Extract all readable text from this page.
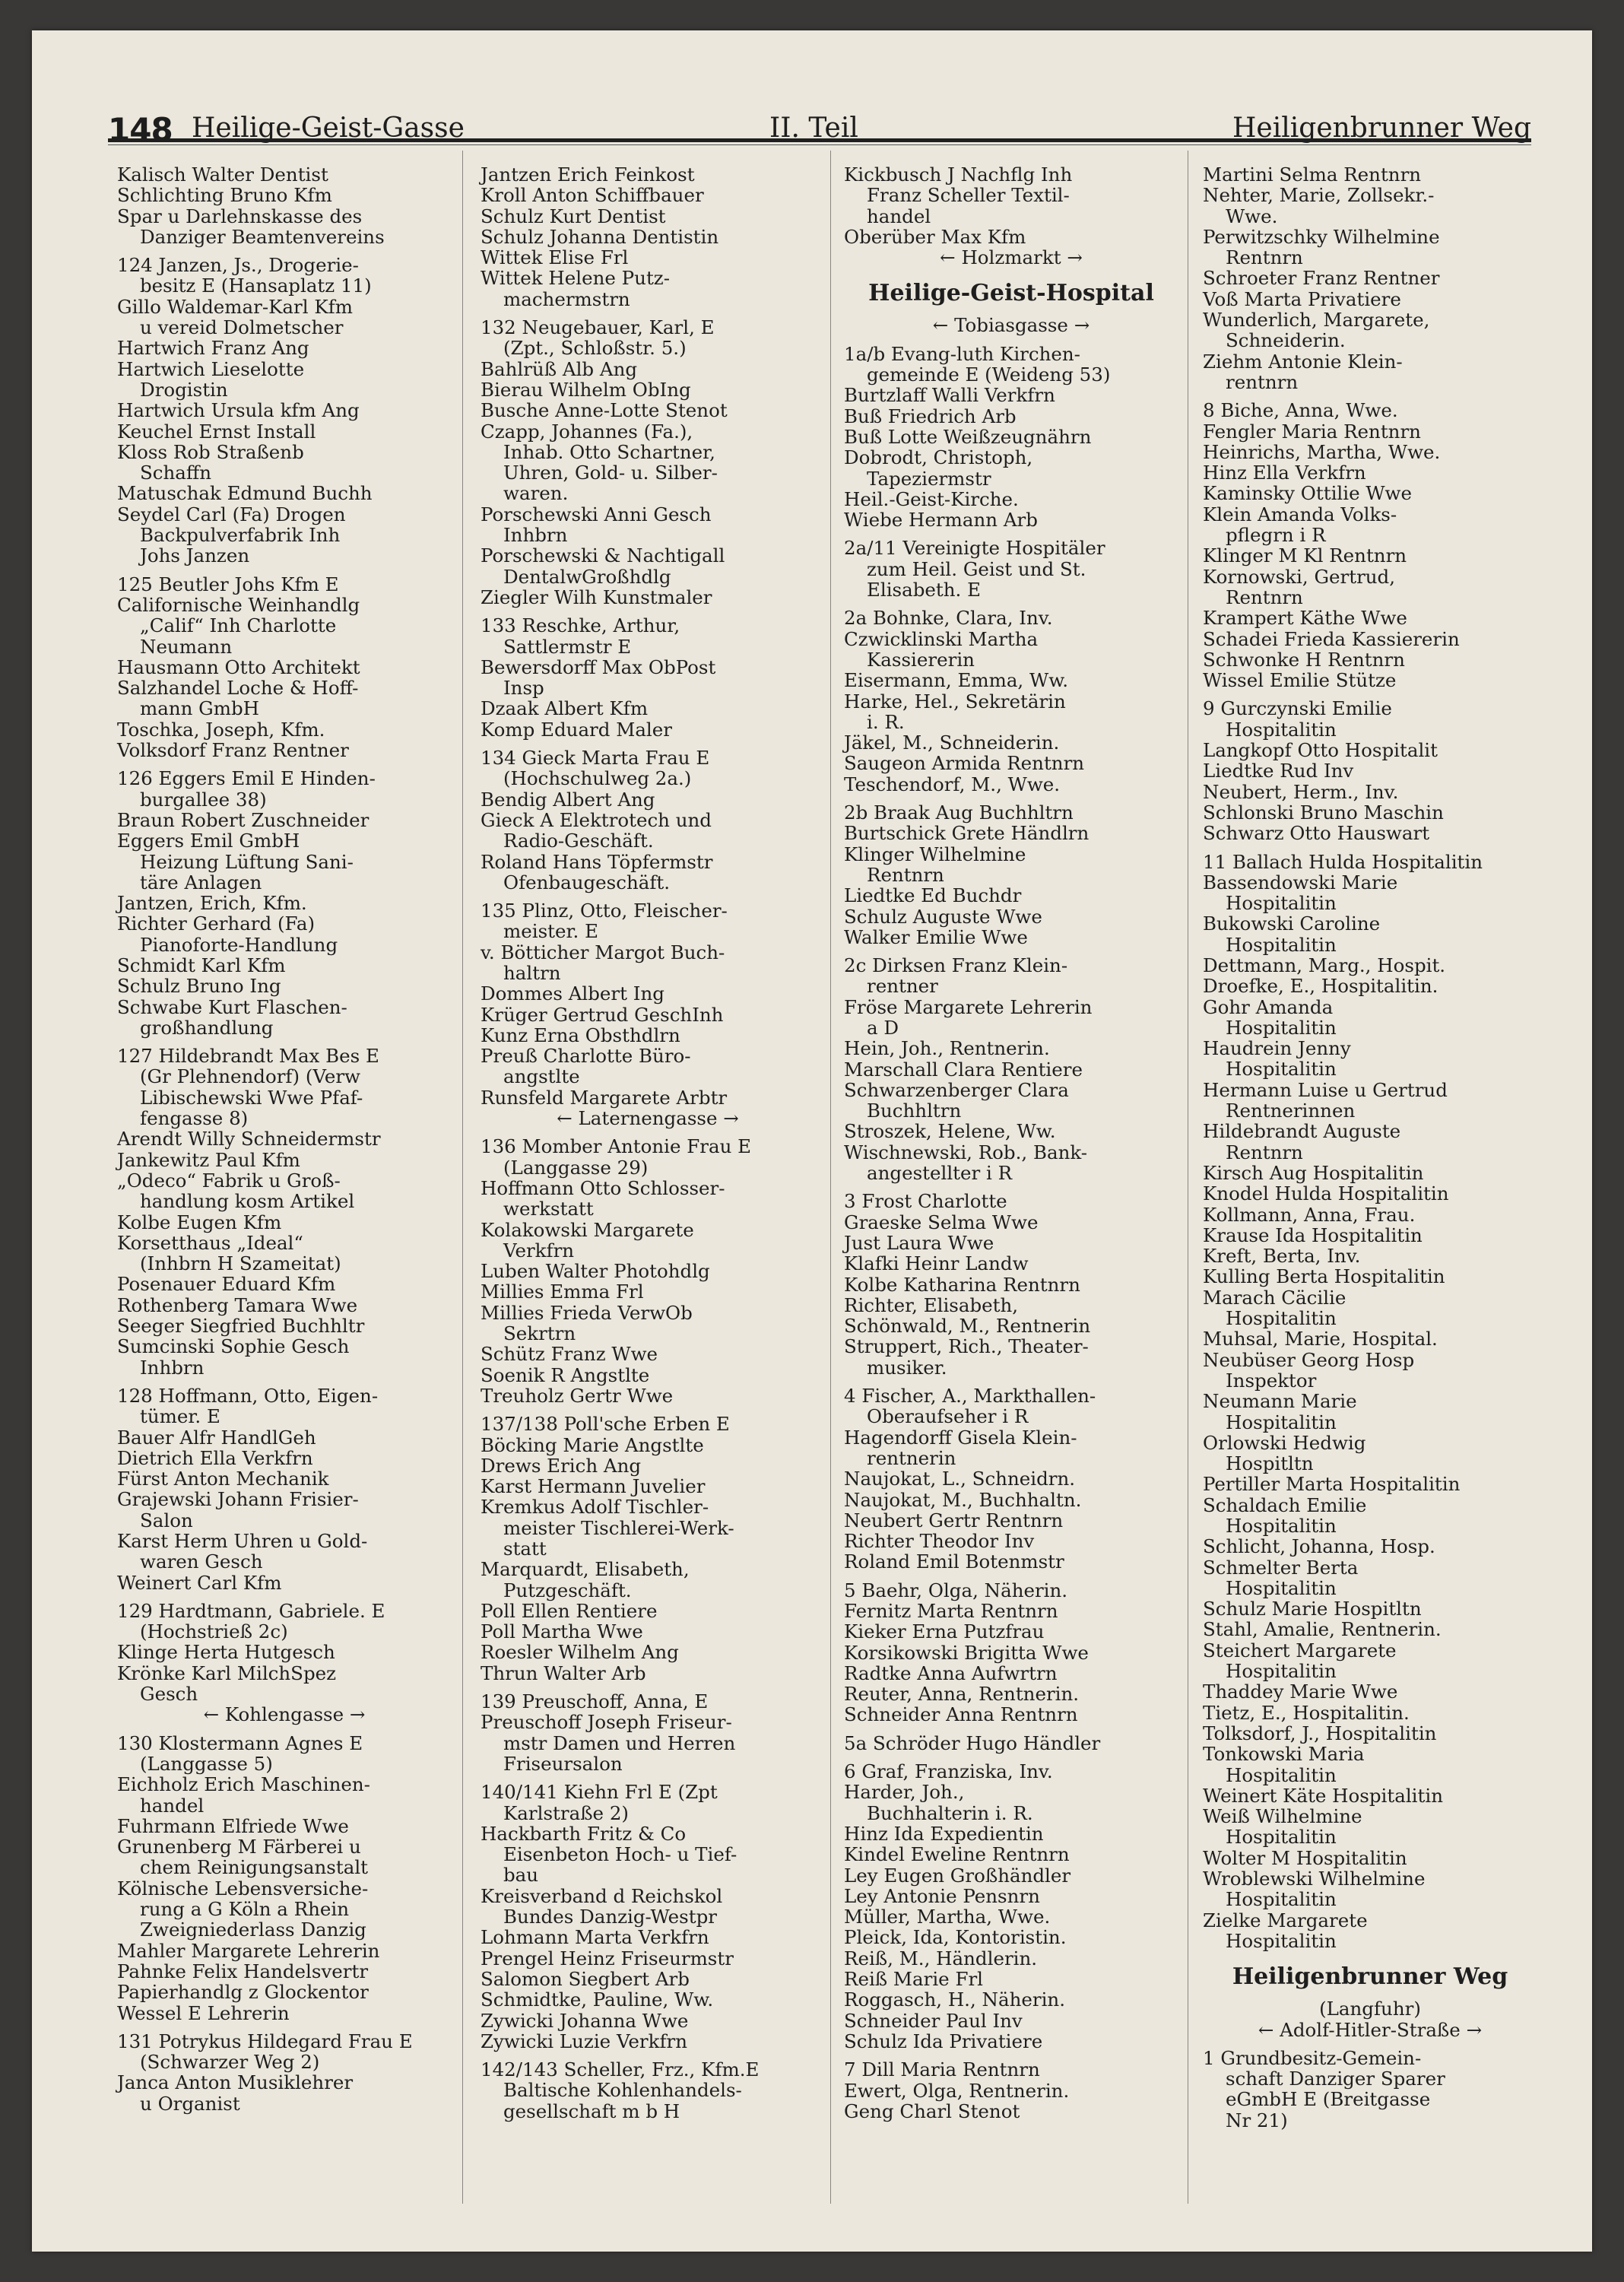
148 Heilige-Geist-Gasse	II. Teil	Heiligenbrunner Weg
Kalisch Walter Dentist
Schlichting Bruno Kfm
Spar u Darlehnskasse des
Danziger Beamtenvereins
124 Janzen, Js., Drogerie-
besitz E (Hansaplatz 11)
Gillo Waldemar-Karl Kfm
u vereid Dolmetscher
Hartwich Franz Ang
Hartwich Lieselotte
Drogistin
Hartwich Ursula kfm Ang
Keuchel Ernst Install
Kloss Rob Straßenb
Schaffn
Matuschak Edmund Buchh
Seydel Carl (Fa) Drogen
Backpulverfabrik Inh
Johs Janzen
125 Beutler Johs Kfm E
Californische Weinhandlg
„Calif“ Inh Charlotte
Neumann
Hausmann Otto Architekt
Salzhandel Loche & Hoff-
mann GmbH
Toschka, Joseph, Kfm.
Volksdorf Franz Rentner
126 Eggers Emil E Hinden-
burgallee 38)
Braun Robert Zuschneider
Eggers Emil GmbH
Heizung Lüftung Sani-
täre Anlagen
Jantzen, Erich, Kfm.
Richter Gerhard (Fa)
Pianoforte-Handlung
Schmidt Karl Kfm
Schulz Bruno Ing
Schwabe Kurt Flaschen-
großhandlung
127 Hildebrandt Max Bes E
(Gr Plehnendorf) (Verw
Libischewski Wwe Pfaf-
fengasse 8)
Arendt Willy Schneidermstr
Jankewitz Paul Kfm
„Odeco“ Fabrik u Groß-
handlung kosm Artikel
Kolbe Eugen Kfm
Korsetthaus „Ideal“
(Inhbrn H Szameitat)
Posenauer Eduard Kfm
Rothenberg Tamara Wwe
Seeger Siegfried Buchhltr
Sumcinski Sophie Gesch
Inhbrn
128 Hoffmann, Otto, Eigen-
tümer. E
Bauer Alfr HandlGeh
Dietrich Ella Verkfrn
Fürst Anton Mechanik
Grajewski Johann Frisier-
Salon
Karst Herm Uhren u Gold-
waren Gesch
Weinert Carl Kfm
129 Hardtmann, Gabriele. E
(Hochstrieß 2c)
Klinge Herta Hutgesch
Krönke Karl MilchSpez
Gesch
← Kohlengasse →
130 Klostermann Agnes E
(Langgasse 5)
Eichholz Erich Maschinen-
handel
Fuhrmann Elfriede Wwe
Grunenberg M Färberei u
chem Reinigungsanstalt
Kölnische Lebensversiche-
rung a G Köln a Rhein
Zweigniederlass Danzig
Mahler Margarete Lehrerin
Pahnke Felix Handelsvertr
Papierhandlg z Glockentor
Wessel E Lehrerin
131 Potrykus Hildegard Frau E
(Schwarzer Weg 2)
Janca Anton Musiklehrer
u Organist
Jantzen Erich Feinkost
Kroll Anton Schiffbauer
Schulz Kurt Dentist
Schulz Johanna Dentistin
Wittek Elise Frl
Wittek Helene Putz-
machermstrn
132 Neugebauer, Karl, E
(Zpt., Schloßstr. 5.)
Bahlrüß Alb Ang
Bierau Wilhelm ObIng
Busche Anne-Lotte Stenot
Czapp, Johannes (Fa.),
Inhab. Otto Schartner,
Uhren, Gold- u. Silber-
waren.
Porschewski Anni Gesch
Inhbrn
Porschewski & Nachtigall
DentalwGroßhdlg
Ziegler Wilh Kunstmaler
133 Reschke, Arthur,
Sattlermstr E
Bewersdorff Max ObPost
Insp
Dzaak Albert Kfm
Komp Eduard Maler
134 Gieck Marta Frau E
(Hochschulweg 2a.)
Bendig Albert Ang
Gieck A Elektrotech und
Radio-Geschäft.
Roland Hans Töpfermstr
Ofenbaugeschäft.
135 Plinz, Otto, Fleischer-
meister. E
v. Bötticher Margot Buch-
haltrn
Dommes Albert Ing
Krüger Gertrud GeschInh
Kunz Erna Obsthdlrn
Preuß Charlotte Büro-
angstlte
Runsfeld Margarete Arbtr
← Laternengasse →
136 Momber Antonie Frau E
(Langgasse 29)
Hoffmann Otto Schlosser-
werkstatt
Kolakowski Margarete
Verkfrn
Luben Walter Photohdlg
Millies Emma Frl
Millies Frieda VerwOb
Sekrtrn
Schütz Franz Wwe
Soenik R Angstlte
Treuholz Gertr Wwe
137/138 Poll'sche Erben E
Böcking Marie Angstlte
Drews Erich Ang
Karst Hermann Juvelier
Kremkus Adolf Tischler-
meister Tischlerei-Werk-
statt
Marquardt, Elisabeth,
Putzgeschäft.
Poll Ellen Rentiere
Poll Martha Wwe
Roesler Wilhelm Ang
Thrun Walter Arb
139 Preuschoff, Anna, E
Preuschoff Joseph Friseur-
mstr Damen und Herren
Friseursalon
140/141 Kiehn Frl E (Zpt
Karlstraße 2)
Hackbarth Fritz & Co
Eisenbeton Hoch- u Tief-
bau
Kreisverband d Reichskol
Bundes Danzig-Westpr
Lohmann Marta Verkfrn
Prengel Heinz Friseurmstr
Salomon Siegbert Arb
Schmidtke, Pauline, Ww.
Zywicki Johanna Wwe
Zywicki Luzie Verkfrn
142/143 Scheller, Frz., Kfm.E
Baltische Kohlenhandels-
gesellschaft m b H
Kickbusch J Nachflg Inh
Franz Scheller Textil-
handel
Oberüber Max Kfm
← Holzmarkt →
Heilige-Geist-Hospital
← Tobiasgasse →
1a/b Evang-luth Kirchen-
gemeinde E (Weideng 53)
Burtzlaff Walli Verkfrn
Buß Friedrich Arb
Buß Lotte Weißzeugnährn
Dobrodt, Christoph,
Tapeziermstr
Heil.-Geist-Kirche.
Wiebe Hermann Arb
2a/11 Vereinigte Hospitäler
zum Heil. Geist und St.
Elisabeth. E
2a Bohnke, Clara, Inv.
Czwicklinski Martha
Kassiererin
Eisermann, Emma, Ww.
Harke, Hel., Sekretärin
i. R.
Jäkel, M., Schneiderin.
Saugeon Armida Rentnrn
Teschendorf, M., Wwe.
2b Braak Aug Buchhltrn
Burtschick Grete Händlrn
Klinger Wilhelmine
Rentnrn
Liedtke Ed Buchdr
Schulz Auguste Wwe
Walker Emilie Wwe
2c Dirksen Franz Klein-
rentner
Fröse Margarete Lehrerin
a D
Hein, Joh., Rentnerin.
Marschall Clara Rentiere
Schwarzenberger Clara
Buchhltrn
Stroszek, Helene, Ww.
Wischnewski, Rob., Bank-
angestellter i R
3 Frost Charlotte
Graeske Selma Wwe
Just Laura Wwe
Klafki Heinr Landw
Kolbe Katharina Rentnrn
Richter, Elisabeth,
Schönwald, M., Rentnerin
Struppert, Rich., Theater-
musiker.
4 Fischer, A., Markthallen-
Oberaufseher i R
Hagendorff Gisela Klein-
rentnerin
Naujokat, L., Schneidrn.
Naujokat, M., Buchhaltn.
Neubert Gertr Rentnrn
Richter Theodor Inv
Roland Emil Botenmstr
5 Baehr, Olga, Näherin.
Fernitz Marta Rentnrn
Kieker Erna Putzfrau
Korsikowski Brigitta Wwe
Radtke Anna Aufwrtrn
Reuter, Anna, Rentnerin.
Schneider Anna Rentnrn
5a Schröder Hugo Händler
6 Graf, Franziska, Inv.
Harder, Joh.,
Buchhalterin i. R.
Hinz Ida Expedientin
Kindel Eweline Rentnrn
Ley Eugen Großhändler
Ley Antonie Pensnrn
Müller, Martha, Wwe.
Pleick, Ida, Kontoristin.
Reiß, M., Händlerin.
Reiß Marie Frl
Roggasch, H., Näherin.
Schneider Paul Inv
Schulz Ida Privatiere
7 Dill Maria Rentnrn
Ewert, Olga, Rentnerin.
Geng Charl Stenot
Martini Selma Rentnrn
Nehter, Marie, Zollsekr.-
Wwe.
Perwitzschky Wilhelmine
Rentnrn
Schroeter Franz Rentner
Voß Marta Privatiere
Wunderlich, Margarete,
Schneiderin.
Ziehm Antonie Klein-
rentnrn
8 Biche, Anna, Wwe.
Fengler Maria Rentnrn
Heinrichs, Martha, Wwe.
Hinz Ella Verkfrn
Kaminsky Ottilie Wwe
Klein Amanda Volks-
pflegrn i R
Klinger M Kl Rentnrn
Kornowski, Gertrud,
Rentnrn
Krampert Käthe Wwe
Schadei Frieda Kassiererin
Schwonke H Rentnrn
Wissel Emilie Stütze
9 Gurczynski Emilie
Hospitalitin
Langkopf Otto Hospitalit
Liedtke Rud Inv
Neubert, Herm., Inv.
Schlonski Bruno Maschin
Schwarz Otto Hauswart
11 Ballach Hulda Hospitalitin
Bassendowski Marie
Hospitalitin
Bukowski Caroline
Hospitalitin
Dettmann, Marg., Hospit.
Droefke, E., Hospitalitin.
Gohr Amanda
Hospitalitin
Haudrein Jenny
Hospitalitin
Hermann Luise u Gertrud
Rentnerinnen
Hildebrandt Auguste
Rentnrn
Kirsch Aug Hospitalitin
Knodel Hulda Hospitalitin
Kollmann, Anna, Frau.
Krause Ida Hospitalitin
Kreft, Berta, Inv.
Kulling Berta Hospitalitin
Marach Cäcilie
Hospitalitin
Muhsal, Marie, Hospital.
Neubüser Georg Hosp
Inspektor
Neumann Marie
Hospitalitin
Orlowski Hedwig
Hospitltn
Pertiller Marta Hospitalitin
Schaldach Emilie
Hospitalitin
Schlicht, Johanna, Hosp.
Schmelter Berta
Hospitalitin
Schulz Marie Hospitltn
Stahl, Amalie, Rentnerin.
Steichert Margarete
Hospitalitin
Thaddey Marie Wwe
Tietz, E., Hospitalitin.
Tolksdorf, J., Hospitalitin
Tonkowski Maria
Hospitalitin
Weinert Käte Hospitalitin
Weiß Wilhelmine
Hospitalitin
Wolter M Hospitalitin
Wroblewski Wilhelmine
Hospitalitin
Zielke Margarete
Hospitalitin
Heiligenbrunner Weg
(Langfuhr)
← Adolf-Hitler-Straße →
1 Grundbesitz-Gemein-
schaft Danziger Sparer
eGmbH E (Breitgasse
Nr 21)
